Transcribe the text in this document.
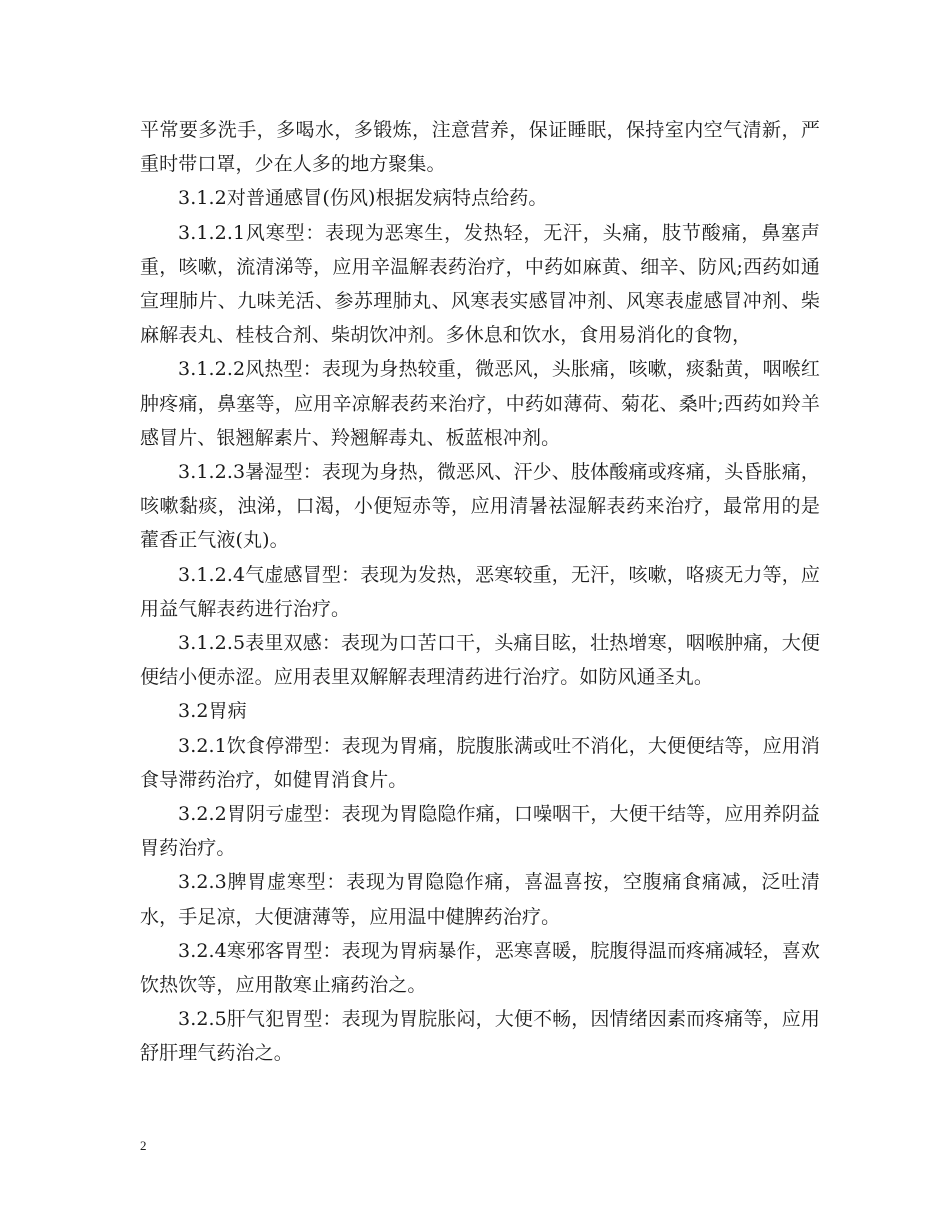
平常要多洗手，多喝水，多锻炼，注意营养，保证睡眠，保持室内空气清新，严重时带口罩，少在人多的地方聚集。

3.1.2对普通感冒(伤风)根据发病特点给药。

3.1.2.1风寒型：表现为恶寒生，发热轻，无汗，头痛，肢节酸痛，鼻塞声重，咳嗽，流清涕等，应用辛温解表药治疗，中药如麻黄、细辛、防风;西药如通宣理肺片、九味羌活、参苏理肺丸、风寒表实感冒冲剂、风寒表虚感冒冲剂、柴麻解表丸、桂枝合剂、柴胡饮冲剂。多休息和饮水，食用易消化的食物，

3.1.2.2风热型：表现为身热较重，微恶风，头胀痛，咳嗽，痰黏黄，咽喉红肿疼痛，鼻塞等，应用辛凉解表药来治疗，中药如薄荷、菊花、桑叶;西药如羚羊感冒片、银翘解素片、羚翘解毒丸、板蓝根冲剂。

3.1.2.3暑湿型：表现为身热，微恶风、汗少、肢体酸痛或疼痛，头昏胀痛，咳嗽黏痰，浊涕，口渴，小便短赤等，应用清暑祛湿解表药来治疗，最常用的是藿香正气液(丸)。

3.1.2.4气虚感冒型：表现为发热，恶寒较重，无汗，咳嗽，咯痰无力等，应用益气解表药进行治疗。

3.1.2.5表里双感：表现为口苦口干，头痛目眩，壮热增寒，咽喉肿痛，大便便结小便赤涩。应用表里双解解表理清药进行治疗。如防风通圣丸。

3.2胃病

3.2.1饮食停滞型：表现为胃痛，脘腹胀满或吐不消化，大便便结等，应用消食导滞药治疗，如健胃消食片。

3.2.2胃阴亏虚型：表现为胃隐隐作痛，口噪咽干，大便干结等，应用养阴益胃药治疗。

3.2.3脾胃虚寒型：表现为胃隐隐作痛，喜温喜按，空腹痛食痛减，泛吐清水，手足凉，大便溏薄等，应用温中健脾药治疗。

3.2.4寒邪客胃型：表现为胃病暴作，恶寒喜暖，脘腹得温而疼痛减轻，喜欢饮热饮等，应用散寒止痛药治之。

3.2.5肝气犯胃型：表现为胃脘胀闷，大便不畅，因情绪因素而疼痛等，应用舒肝理气药治之。

2
